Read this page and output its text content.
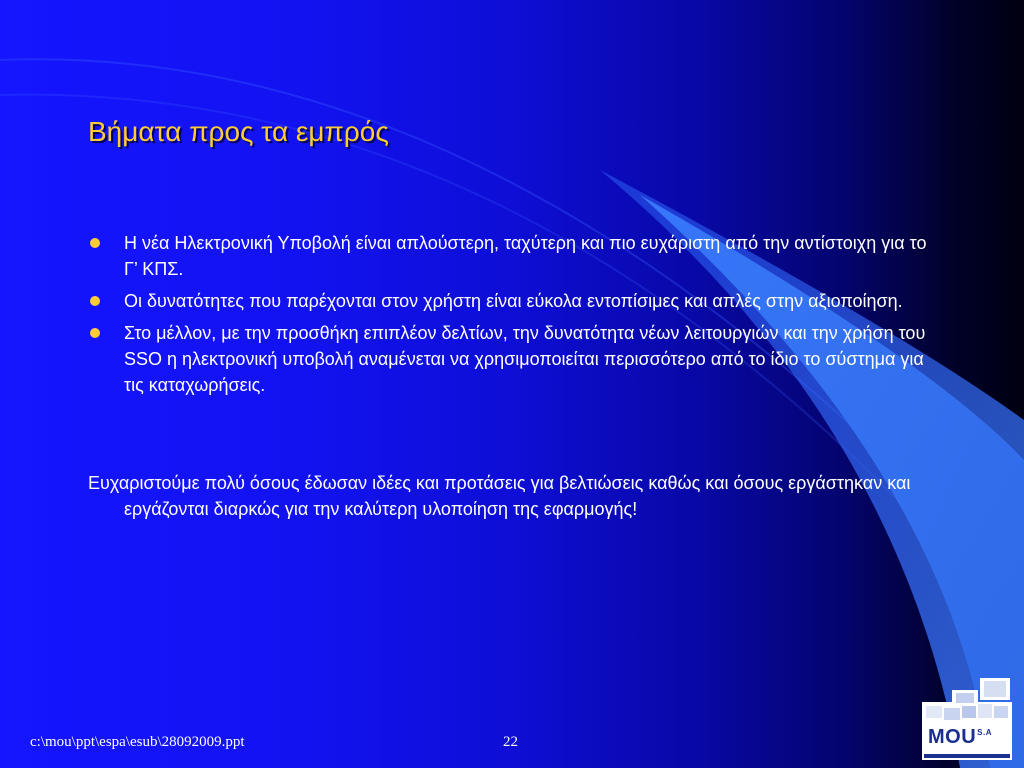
Βήματα προς τα εμπρός
Η νέα Ηλεκτρονική Υποβολή είναι απλούστερη, ταχύτερη και πιο ευχάριστη από την αντίστοιχη για το Γ’ ΚΠΣ.
Οι δυνατότητες που παρέχονται στον χρήστη είναι εύκολα εντοπίσιμες και απλές στην αξιοποίηση.
Στο μέλλον, με την προσθήκη επιπλέον δελτίων, την δυνατότητα νέων λειτουργιών και την χρήση του SSO η ηλεκτρονική υποβολή αναμένεται να χρησιμοποιείται περισσότερο από το ίδιο το σύστημα για τις καταχωρήσεις.

Ευχαριστούμε πολύ όσους έδωσαν ιδέες και προτάσεις για βελτιώσεις καθώς και όσους εργάστηκαν και εργάζονται διαρκώς για την καλύτερη υλοποίηση της εφαρμογής!

c:\mou\ppt\espa\esub\28092009.ppt	22	$MOU^{S.A}$
